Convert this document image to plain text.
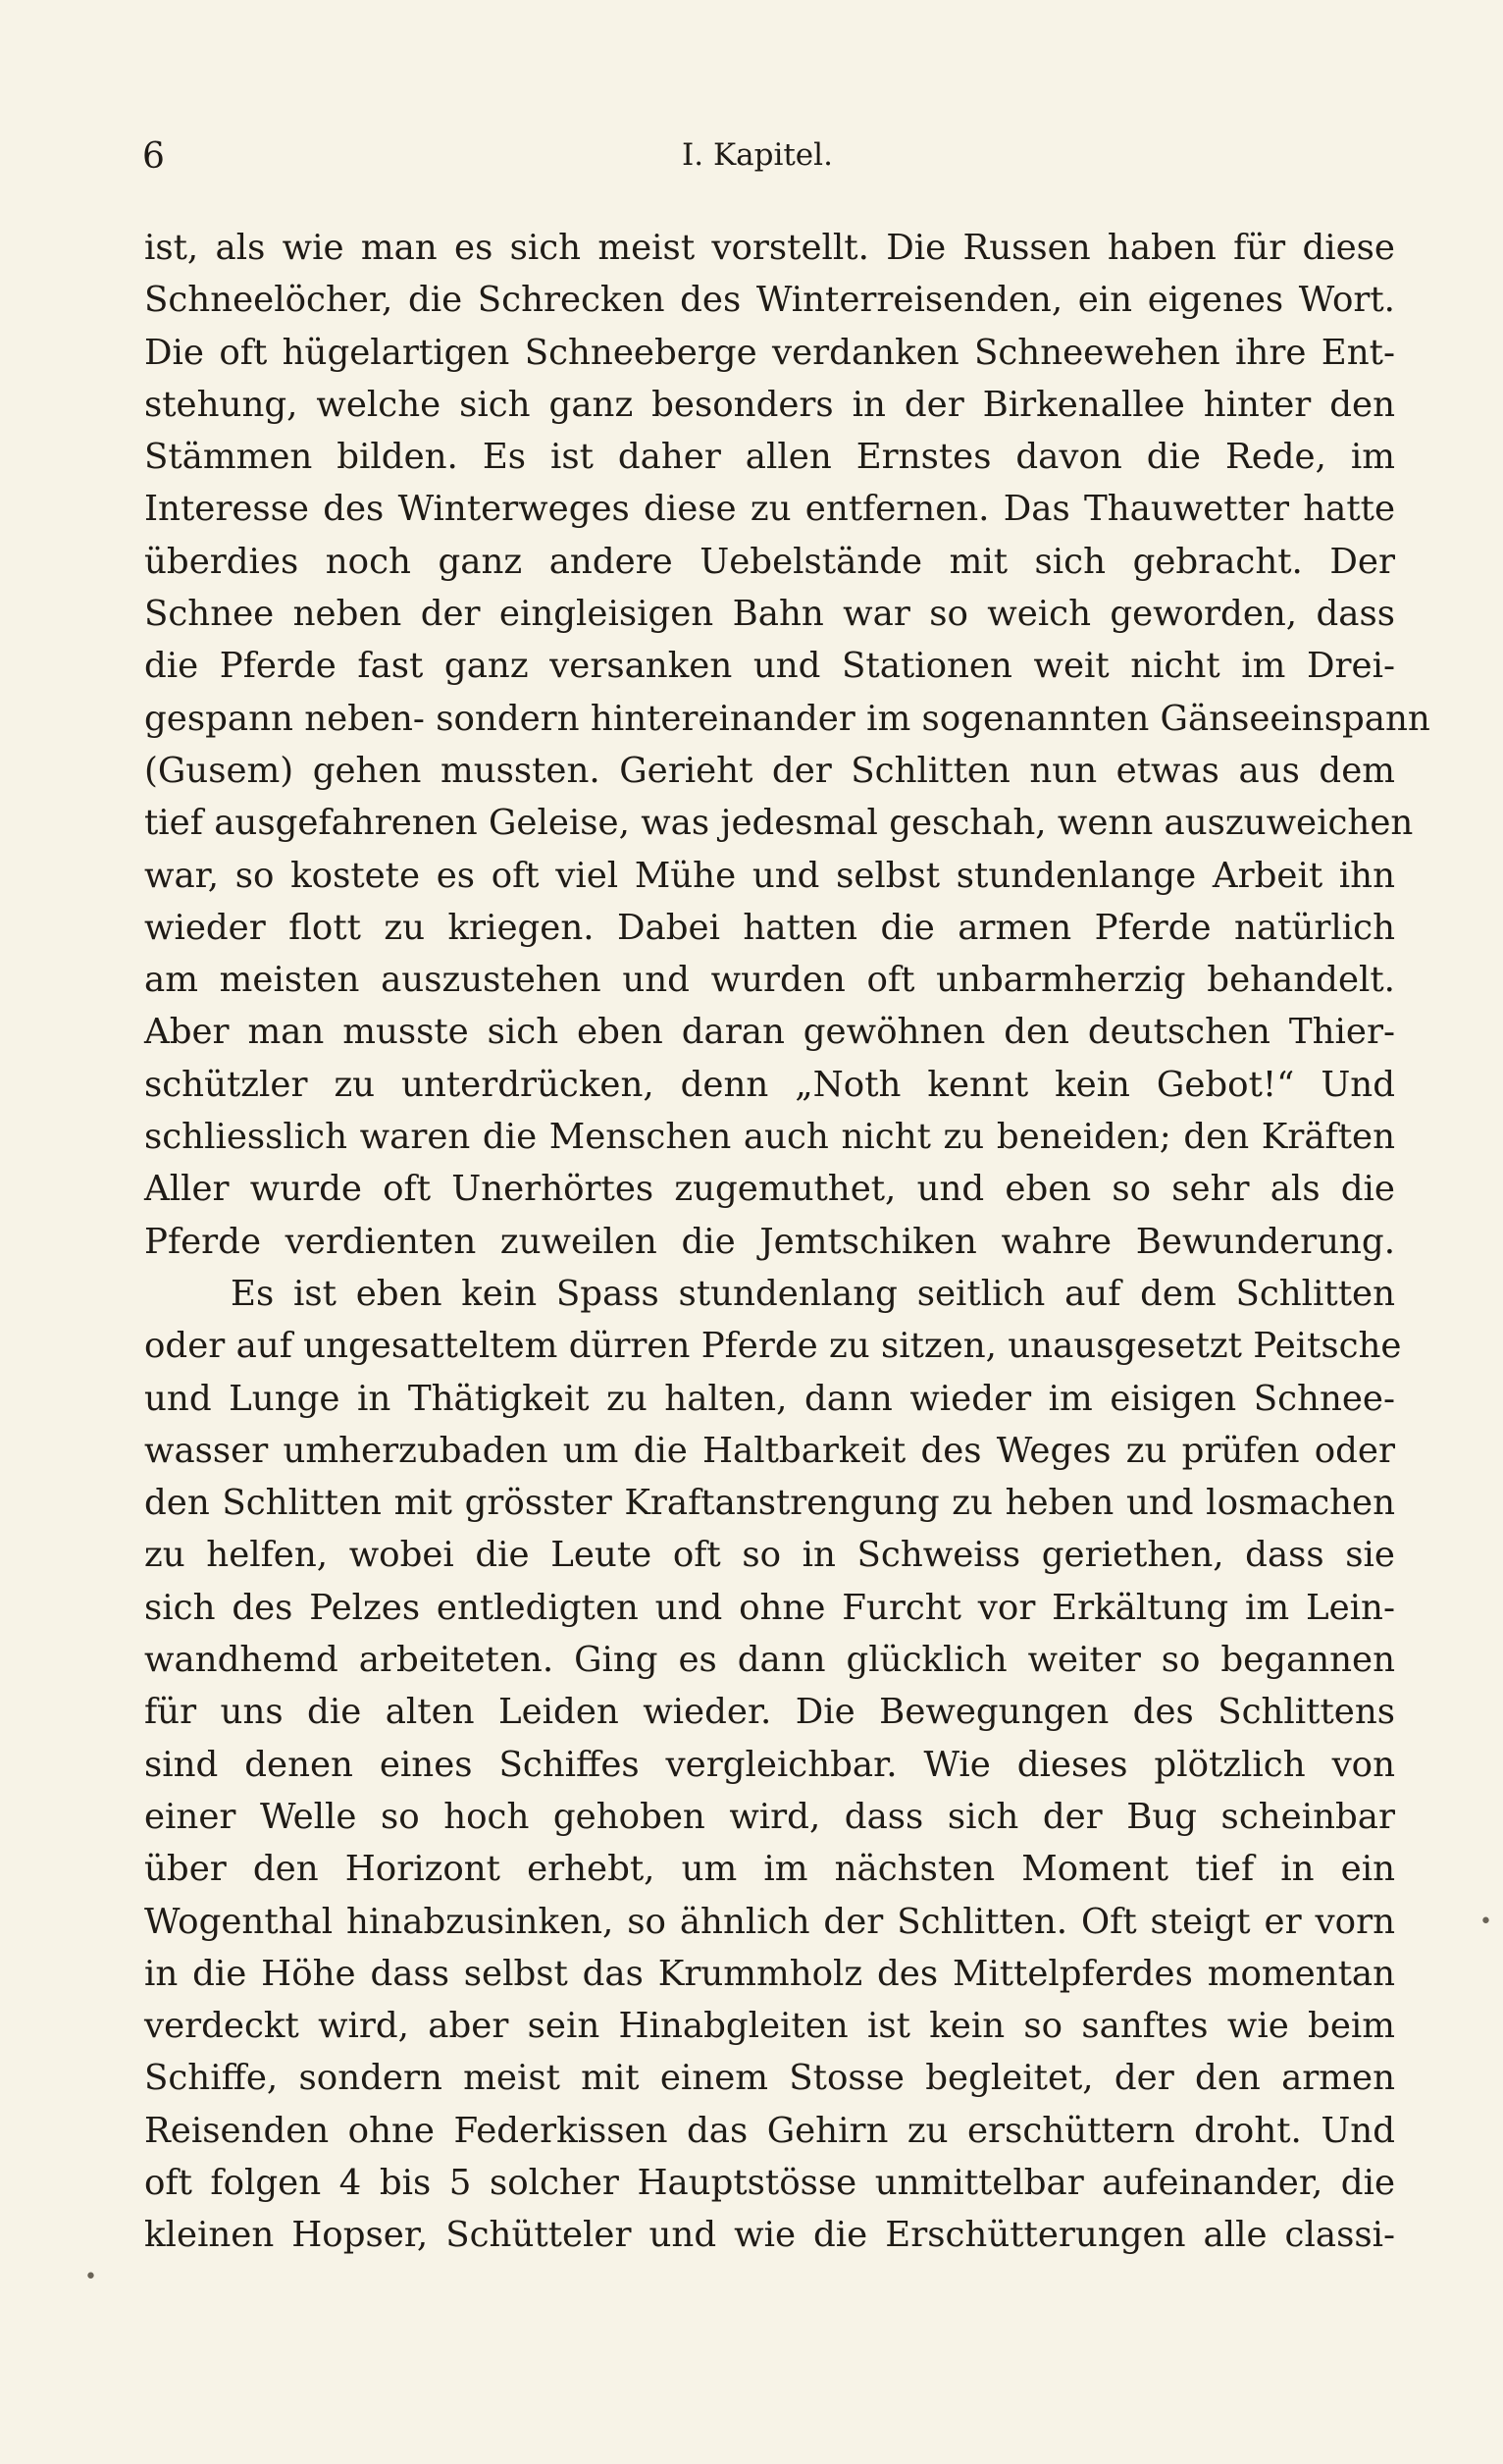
6	I. Kapitel.
ist, als wie man es sich meist vorstellt. Die Russen haben für diese
Schneelöcher, die Schrecken des Winterreisenden, ein eigenes Wort.
Die oft hügelartigen Schneeberge verdanken Schneewehen ihre Ent-
stehung, welche sich ganz besonders in der Birkenallee hinter den
Stämmen bilden. Es ist daher allen Ernstes davon die Rede, im
Interesse des Winterweges diese zu entfernen. Das Thauwetter hatte
überdies noch ganz andere Uebelstände mit sich gebracht. Der
Schnee neben der eingleisigen Bahn war so weich geworden, dass
die Pferde fast ganz versanken und Stationen weit nicht im Drei-
gespann neben- sondern hintereinander im sogenannten Gänseeinspann
(Gusem) gehen mussten. Gerieht der Schlitten nun etwas aus dem
tief ausgefahrenen Geleise, was jedesmal geschah, wenn auszuweichen
war, so kostete es oft viel Mühe und selbst stundenlange Arbeit ihn
wieder flott zu kriegen. Dabei hatten die armen Pferde natürlich
am meisten auszustehen und wurden oft unbarmherzig behandelt.
Aber man musste sich eben daran gewöhnen den deutschen Thier-
schützler zu unterdrücken, denn „Noth kennt kein Gebot!“ Und
schliesslich waren die Menschen auch nicht zu beneiden; den Kräften
Aller wurde oft Unerhörtes zugemuthet, und eben so sehr als die
Pferde verdienten zuweilen die Jemtschiken wahre Bewunderung.
Es ist eben kein Spass stundenlang seitlich auf dem Schlitten
oder auf ungesatteltem dürren Pferde zu sitzen, unausgesetzt Peitsche
und Lunge in Thätigkeit zu halten, dann wieder im eisigen Schnee-
wasser umherzubaden um die Haltbarkeit des Weges zu prüfen oder
den Schlitten mit grösster Kraftanstrengung zu heben und losmachen
zu helfen, wobei die Leute oft so in Schweiss geriethen, dass sie
sich des Pelzes entledigten und ohne Furcht vor Erkältung im Lein-
wandhemd arbeiteten. Ging es dann glücklich weiter so begannen
für uns die alten Leiden wieder. Die Bewegungen des Schlittens
sind denen eines Schiffes vergleichbar. Wie dieses plötzlich von
einer Welle so hoch gehoben wird, dass sich der Bug scheinbar
über den Horizont erhebt, um im nächsten Moment tief in ein
Wogenthal hinabzusinken, so ähnlich der Schlitten. Oft steigt er vorn
in die Höhe dass selbst das Krummholz des Mittelpferdes momentan
verdeckt wird, aber sein Hinabgleiten ist kein so sanftes wie beim
Schiffe, sondern meist mit einem Stosse begleitet, der den armen
Reisenden ohne Federkissen das Gehirn zu erschüttern droht. Und
oft folgen 4 bis 5 solcher Hauptstösse unmittelbar aufeinander, die
kleinen Hopser, Schütteler und wie die Erschütterungen alle classi-
•
•
